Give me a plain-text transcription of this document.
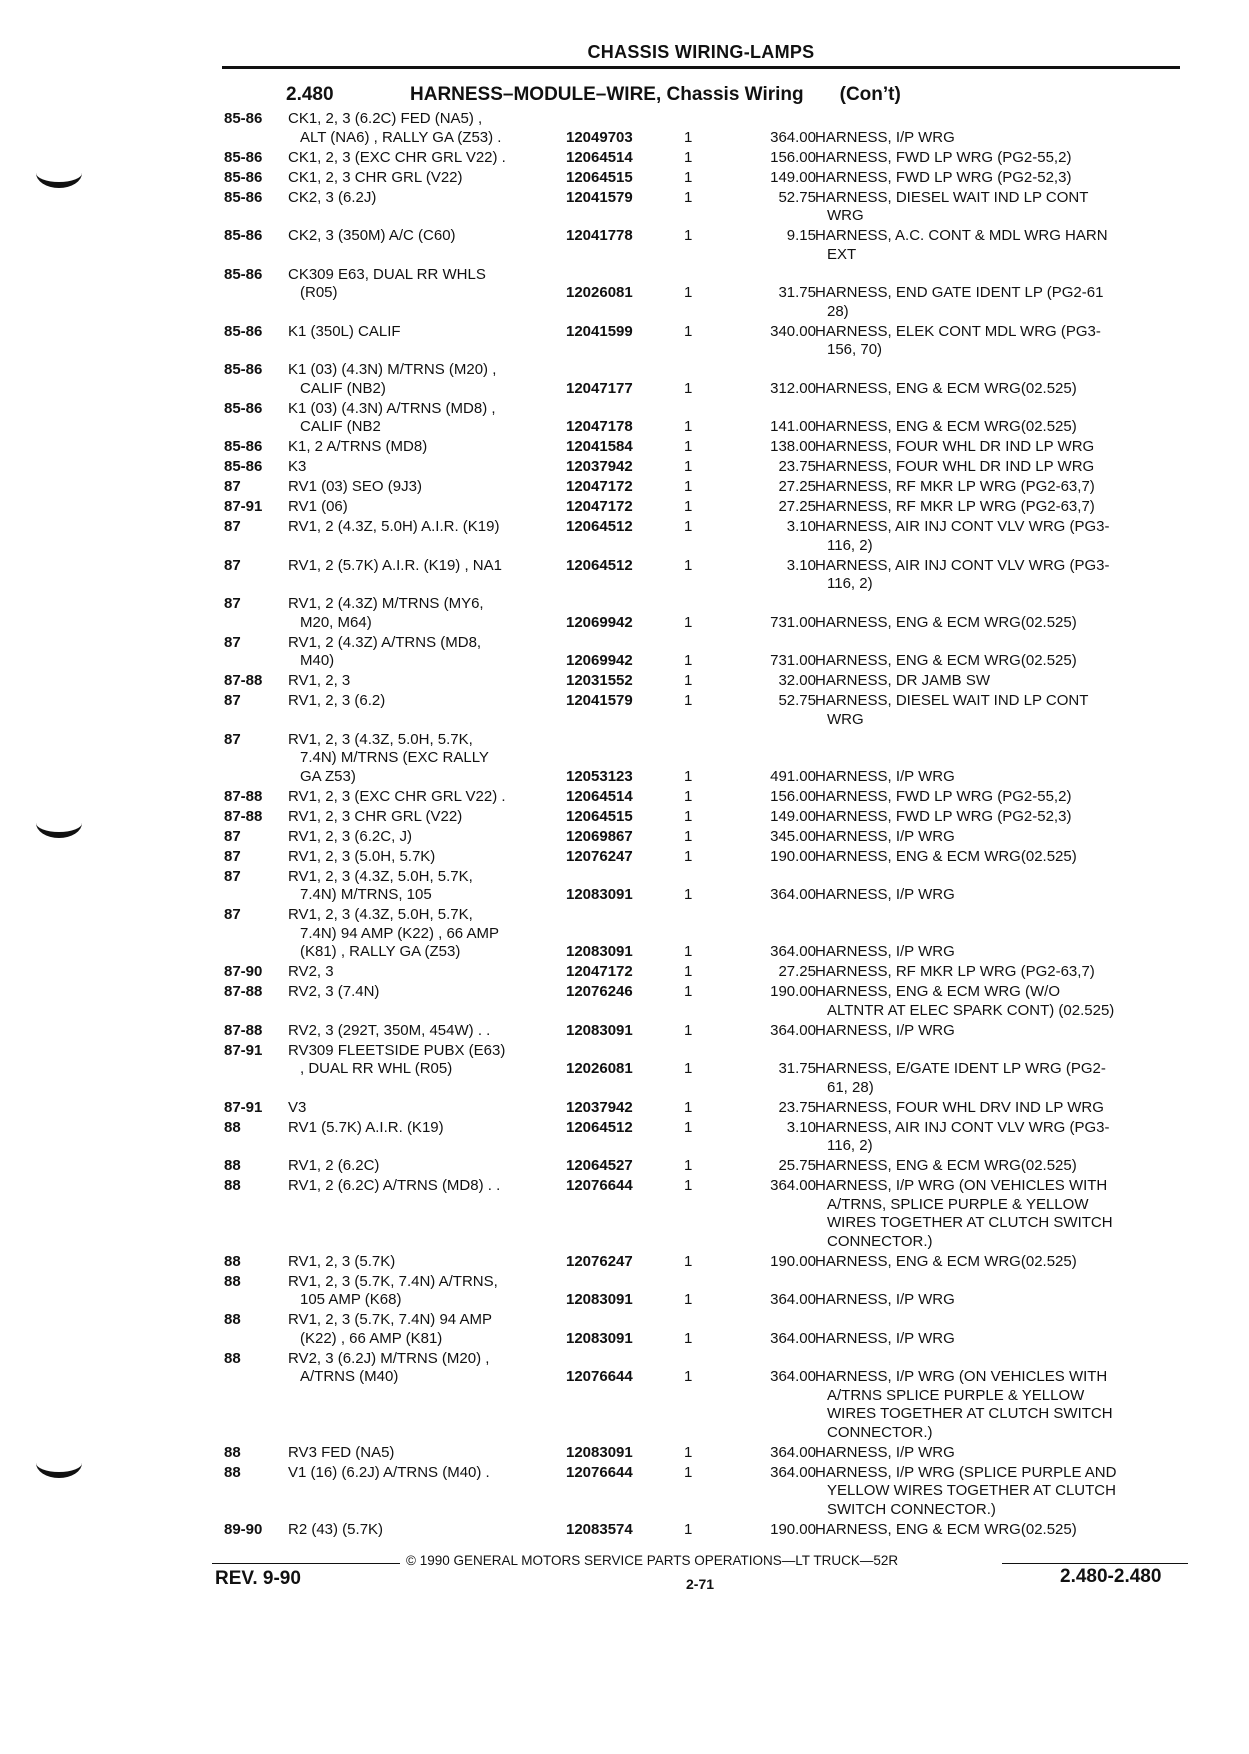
CHASSIS WIRING-LAMPS
2.480	HARNESS–MODULE–WIRE, Chassis Wiring (Con’t)
85-86 CK1, 2, 3 (6.2C) FED (NA5) ,
ALT (NA6) , RALLY GA (Z53) .	12049703	1	364.00 HARNESS, I/P WRG
85-86 CK1, 2, 3 (EXC CHR GRL V22) .	12064514	1	156.00 HARNESS, FWD LP WRG (PG2-55,2)
85-86 CK1, 2, 3 CHR GRL (V22)	12064515	1	149.00 HARNESS, FWD LP WRG (PG2-52,3)
85-86 CK2, 3 (6.2J)	12041579	1	52.75 HARNESS, DIESEL WAIT IND LP CONT
WRG
85-86 CK2, 3 (350M) A/C (C60)	12041778	1	9.15 HARNESS, A.C. CONT & MDL WRG HARN
EXT
85-86 CK309 E63, DUAL RR WHLS
(R05)	12026081	1	31.75 HARNESS, END GATE IDENT LP (PG2-61
28)
85-86 K1 (350L) CALIF	12041599	1	340.00 HARNESS, ELEK CONT MDL WRG (PG3-
156, 70)
85-86 K1 (03) (4.3N) M/TRNS (M20) ,
CALIF (NB2)	12047177	1	312.00 HARNESS, ENG & ECM WRG(02.525)
85-86 K1 (03) (4.3N) A/TRNS (MD8) ,
CALIF (NB2	12047178	1	141.00 HARNESS, ENG & ECM WRG(02.525)
85-86 K1, 2 A/TRNS (MD8)	12041584	1	138.00 HARNESS, FOUR WHL DR IND LP WRG
85-86 K3	12037942	1	23.75 HARNESS, FOUR WHL DR IND LP WRG
87	RV1 (03) SEO (9J3)	12047172	1	27.25 HARNESS, RF MKR LP WRG (PG2-63,7)
87-91 RV1 (06)	12047172	1	27.25 HARNESS, RF MKR LP WRG (PG2-63,7)
87	RV1, 2 (4.3Z, 5.0H) A.I.R. (K19)	12064512	1	3.10 HARNESS, AIR INJ CONT VLV WRG (PG3-
116, 2)
87	RV1, 2 (5.7K) A.I.R. (K19) , NA1	12064512	1	3.10 HARNESS, AIR INJ CONT VLV WRG (PG3-
116, 2)
87	RV1, 2 (4.3Z) M/TRNS (MY6,
M20, M64)	12069942	1	731.00 HARNESS, ENG & ECM WRG(02.525)
87	RV1, 2 (4.3Z) A/TRNS (MD8,
M40)	12069942	1	731.00 HARNESS, ENG & ECM WRG(02.525)
87-88 RV1, 2, 3	12031552	1	32.00 HARNESS, DR JAMB SW
87	RV1, 2, 3 (6.2)	12041579	1	52.75 HARNESS, DIESEL WAIT IND LP CONT
WRG
87	RV1, 2, 3 (4.3Z, 5.0H, 5.7K,
7.4N) M/TRNS (EXC RALLY
GA Z53)	12053123	1	491.00 HARNESS, I/P WRG
87-88 RV1, 2, 3 (EXC CHR GRL V22) .	12064514	1	156.00 HARNESS, FWD LP WRG (PG2-55,2)
87-88 RV1, 2, 3 CHR GRL (V22)	12064515	1	149.00 HARNESS, FWD LP WRG (PG2-52,3)
87	RV1, 2, 3 (6.2C, J)	12069867	1	345.00 HARNESS, I/P WRG
87	RV1, 2, 3 (5.0H, 5.7K)	12076247	1	190.00 HARNESS, ENG & ECM WRG(02.525)
87	RV1, 2, 3 (4.3Z, 5.0H, 5.7K,
7.4N) M/TRNS, 105	12083091	1	364.00 HARNESS, I/P WRG
87	RV1, 2, 3 (4.3Z, 5.0H, 5.7K,
7.4N) 94 AMP (K22) , 66 AMP
(K81) , RALLY GA (Z53)	12083091	1	364.00 HARNESS, I/P WRG
87-90 RV2, 3	12047172	1	27.25 HARNESS, RF MKR LP WRG (PG2-63,7)
87-88 RV2, 3 (7.4N)	12076246	1	190.00 HARNESS, ENG & ECM WRG (W/O
ALTNTR AT ELEC SPARK CONT) (02.525)
87-88 RV2, 3 (292T, 350M, 454W) . .	12083091	1	364.00 HARNESS, I/P WRG
87-91 RV309 FLEETSIDE PUBX (E63)
, DUAL RR WHL (R05)	12026081	1	31.75 HARNESS, E/GATE IDENT LP WRG (PG2-
61, 28)
87-91 V3	12037942	1	23.75 HARNESS, FOUR WHL DRV IND LP WRG
88	RV1 (5.7K) A.I.R. (K19)	12064512	1	3.10 HARNESS, AIR INJ CONT VLV WRG (PG3-
116, 2)
88	RV1, 2 (6.2C)	12064527	1	25.75 HARNESS, ENG & ECM WRG(02.525)
88	RV1, 2 (6.2C) A/TRNS (MD8) . .	12076644	1	364.00 HARNESS, I/P WRG (ON VEHICLES WITH
A/TRNS, SPLICE PURPLE & YELLOW
WIRES TOGETHER AT CLUTCH SWITCH
CONNECTOR.)
88	RV1, 2, 3 (5.7K)	12076247	1	190.00 HARNESS, ENG & ECM WRG(02.525)
88	RV1, 2, 3 (5.7K, 7.4N) A/TRNS,
105 AMP (K68)	12083091	1	364.00 HARNESS, I/P WRG
88	RV1, 2, 3 (5.7K, 7.4N) 94 AMP
(K22) , 66 AMP (K81)	12083091	1	364.00 HARNESS, I/P WRG
88	RV2, 3 (6.2J) M/TRNS (M20) ,
A/TRNS (M40)	12076644	1	364.00 HARNESS, I/P WRG (ON VEHICLES WITH
A/TRNS SPLICE PURPLE & YELLOW
WIRES TOGETHER AT CLUTCH SWITCH
CONNECTOR.)
88	RV3 FED (NA5)	12083091	1	364.00 HARNESS, I/P WRG
88	V1 (16) (6.2J) A/TRNS (M40) .	12076644	1	364.00 HARNESS, I/P WRG (SPLICE PURPLE AND
YELLOW WIRES TOGETHER AT CLUTCH
SWITCH CONNECTOR.)
89-90 R2 (43) (5.7K)	12083574	1	190.00 HARNESS, ENG & ECM WRG(02.525)
© 1990 GENERAL MOTORS SERVICE PARTS OPERATIONS—LT TRUCK—52R
REV. 9-90	2-71	2.480-2.480
